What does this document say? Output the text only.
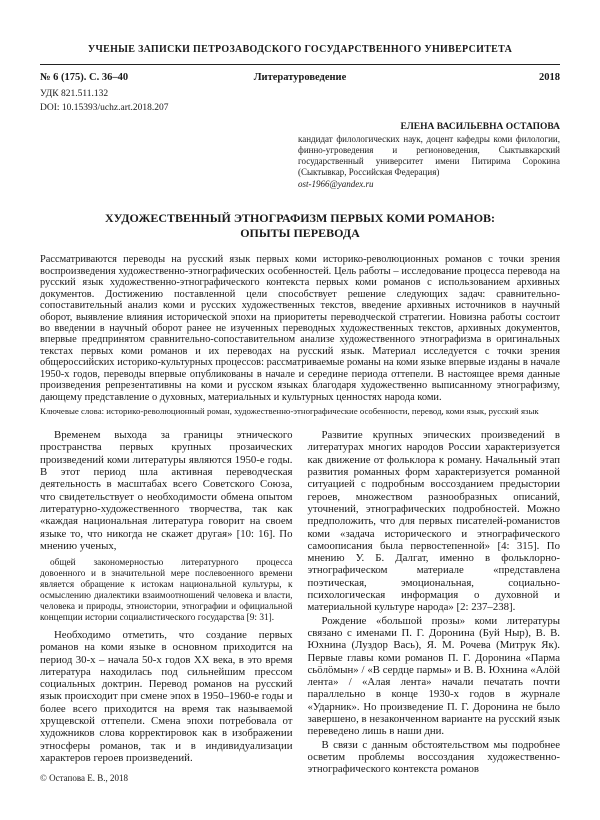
УЧЕНЫЕ ЗАПИСКИ ПЕТРОЗАВОДСКОГО ГОСУДАРСТВЕННОГО УНИВЕРСИТЕТА
№ 6 (175). С. 36–40	Литературоведение	2018
УДК 821.511.132
DOI: 10.15393/uchz.art.2018.207
ЕЛЕНА ВАСИЛЬЕВНА ОСТАПОВА
кандидат филологических наук, доцент кафедры коми филологии, финно-угроведения и регионоведения, Сыктывкарский государственный университет имени Питирима Сорокина (Сыктывкар, Российская Федерация)
ost-1966@yandex.ru
ХУДОЖЕСТВЕННЫЙ ЭТНОГРАФИЗМ ПЕРВЫХ КОМИ РОМАНОВ:
ОПЫТЫ ПЕРЕВОДА
Рассматриваются переводы на русский язык первых коми историко-революционных романов с точки зрения воспроизведения художественно-этнографических особенностей. Цель работы – исследование процесса перевода на русский язык художественно-этнографического контекста первых коми романов с использованием архивных документов. Достижению поставленной цели способствует решение следующих задач: сравнительно-сопоставительный анализ коми и русских художественных текстов, введение архивных источников в научный оборот, выявление влияния исторической эпохи на приоритеты переводческой стратегии. Новизна работы состоит во введении в научный оборот ранее не изученных переводных художественных текстов, архивных документов, впервые предпринятом сравнительно-сопоставительном анализе художественного этнографизма в оригинальных текстах первых коми романов и их переводах на русский язык. Материал исследуется с точки зрения общероссийских историко-культурных процессов: рассматриваемые романы на коми языке впервые изданы в начале 1950-х годов, переводы впервые опубликованы в начале и середине периода оттепели. В настоящее время данные произведения репрезентативны на коми и русском языках благодаря художественно выписанному этнографизму, дающему представление о духовных, материальных и культурных ценностях народа коми.
Ключевые слова: историко-революционный роман, художественно-этнографические особенности, перевод, коми язык, русский язык

Временем выхода за границы этнического пространства первых крупных прозаических произведений коми литературы являются 1950-е годы. В этот период шла активная переводческая деятельность в масштабах всего Советского Союза, что свидетельствует о необходимости обмена опытом литературно-художественного творчества, так как «каждая национальная литература говорит на своем языке то, что никогда не скажет другая» [10: 16]. По мнению ученых,

общей закономерностью литературного процесса довоенного и в значительной мере послевоенного времени является обращение к истокам национальной культуры, к осмыслению диалектики взаимоотношений человека и власти, человека и природы, этноистории, этнографии и официальной концепции истории социалистического государства [9: 31].

Необходимо отметить, что создание первых романов на коми языке в основном приходится на период 30-х – начала 50-х годов XX века, в это время литература находилась под сильнейшим прессом социальных доктрин. Перевод романов на русский язык происходит при смене эпох в 1950–1960-е годы и более всего приходится на время так называемой хрущевской оттепели. Смена эпохи потребовала от художников слова корректировок как в изображении этносферы романов, так и в индивидуализации характеров героев произведений.

© Остапова Е. В., 2018

Развитие крупных эпических произведений в литературах многих народов России характеризуется как движение от фольклора к роману. Начальный этап развития романных форм характеризуется романной ситуацией с подробным воссозданием предыстории героев, множеством разнообразных описаний, уточнений, этнографических подробностей. Можно предположить, что для первых писателей-романистов коми «задача исторического и этнографического самоописания была первостепенной» [4: 315]. По мнению У. Б. Далгат, именно в фольклорно-этнографическом материале «представлена поэтическая, эмоциональная, социально-психологическая информация о духовной и материальной культуре народа» [2: 237–238].

Рождение «большой прозы» коми литературы связано с именами П. Г. Доронина (Буй Ныр), В. В. Юхнина (Луздор Вась), Я. М. Рочева (Митрук Як). Первые главы коми романов П. Г. Доронина «Парма сьöлöмын» / «В сердце пармы» и В. В. Юхнина «Алöй лента» / «Алая лента» начали печатать почти параллельно в конце 1930-х годов в журнале «Ударник». Но произведение П. Г. Доронина не было завершено, в незаконченном варианте на русский язык переведено лишь в наши дни.

В связи с данным обстоятельством мы подробнее осветим проблемы воссоздания художественно-этнографического контекста романов
